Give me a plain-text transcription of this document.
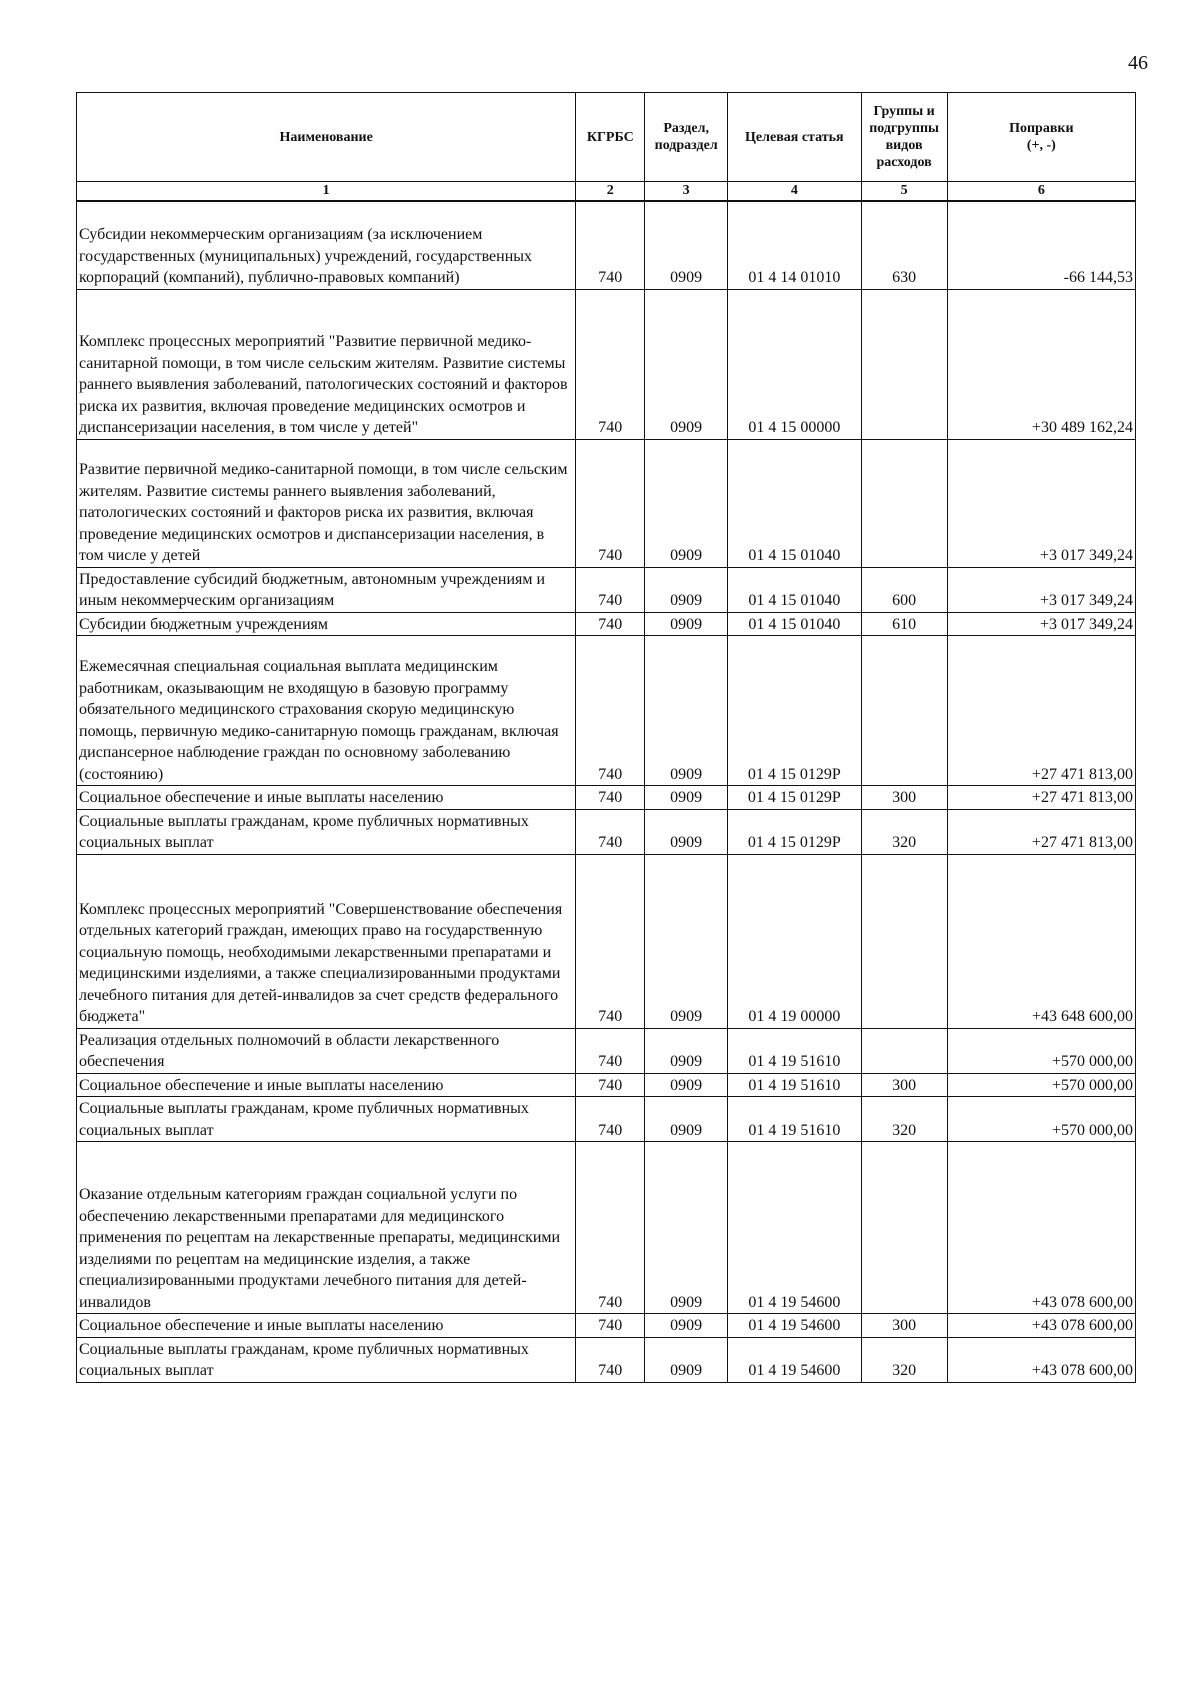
46
Наименование	КГРБС	Раздел, подраздел	Целевая статья	Группы и подгруппы видов расходов	Поправки
(+, -)

1	2	3	4	5	6
Субсидии некоммерческим организациям (за исключением государственных (муниципальных) учреждений, государственных корпораций (компаний), публично-правовых компаний)	740	0909	01 4 14 01010	630	-66 144,53
Комплекс процессных мероприятий "Развитие первичной медико-санитарной помощи, в том числе сельским жителям. Развитие системы раннего выявления заболеваний, патологических состояний и факторов риска их развития, включая проведение медицинских осмотров и диспансеризации населения, в том числе у детей"	740	0909	01 4 15 00000		+30 489 162,24
Развитие первичной медико-санитарной помощи, в том числе сельским жителям. Развитие системы раннего выявления заболеваний, патологических состояний и факторов риска их развития, включая проведение медицинских осмотров и диспансеризации населения, в том числе у детей	740	0909	01 4 15 01040		+3 017 349,24
Предоставление субсидий бюджетным, автономным учреждениям и иным некоммерческим организациям	740	0909	01 4 15 01040	600	+3 017 349,24
Субсидии бюджетным учреждениям	740	0909	01 4 15 01040	610	+3 017 349,24
Ежемесячная специальная социальная выплата медицинским работникам, оказывающим не входящую в базовую программу обязательного медицинского страхования скорую медицинскую помощь, первичную медико-санитарную помощь гражданам, включая диспансерное наблюдение граждан по основному заболеванию (состоянию)	740	0909	01 4 15 0129Р		+27 471 813,00
Социальное обеспечение и иные выплаты населению	740	0909	01 4 15 0129Р	300	+27 471 813,00
Социальные выплаты гражданам, кроме публичных нормативных социальных выплат	740	0909	01 4 15 0129Р	320	+27 471 813,00
Комплекс процессных мероприятий "Совершенствование обеспечения отдельных категорий граждан, имеющих право на государственную социальную помощь, необходимыми лекарственными препаратами и медицинскими изделиями, а также специализированными продуктами лечебного питания для детей-инвалидов за счет средств федерального бюджета"	740	0909	01 4 19 00000		+43 648 600,00
Реализация отдельных полномочий в области лекарственного обеспечения	740	0909	01 4 19 51610		+570 000,00
Социальное обеспечение и иные выплаты населению	740	0909	01 4 19 51610	300	+570 000,00
Социальные выплаты гражданам, кроме публичных нормативных социальных выплат	740	0909	01 4 19 51610	320	+570 000,00
Оказание отдельным категориям граждан социальной услуги по обеспечению лекарственными препаратами для медицинского применения по рецептам на лекарственные препараты, медицинскими изделиями по рецептам на медицинские изделия, а также специализированными продуктами лечебного питания для детей-инвалидов	740	0909	01 4 19 54600		+43 078 600,00
Социальное обеспечение и иные выплаты населению	740	0909	01 4 19 54600	300	+43 078 600,00
Социальные выплаты гражданам, кроме публичных нормативных социальных выплат	740	0909	01 4 19 54600	320	+43 078 600,00
